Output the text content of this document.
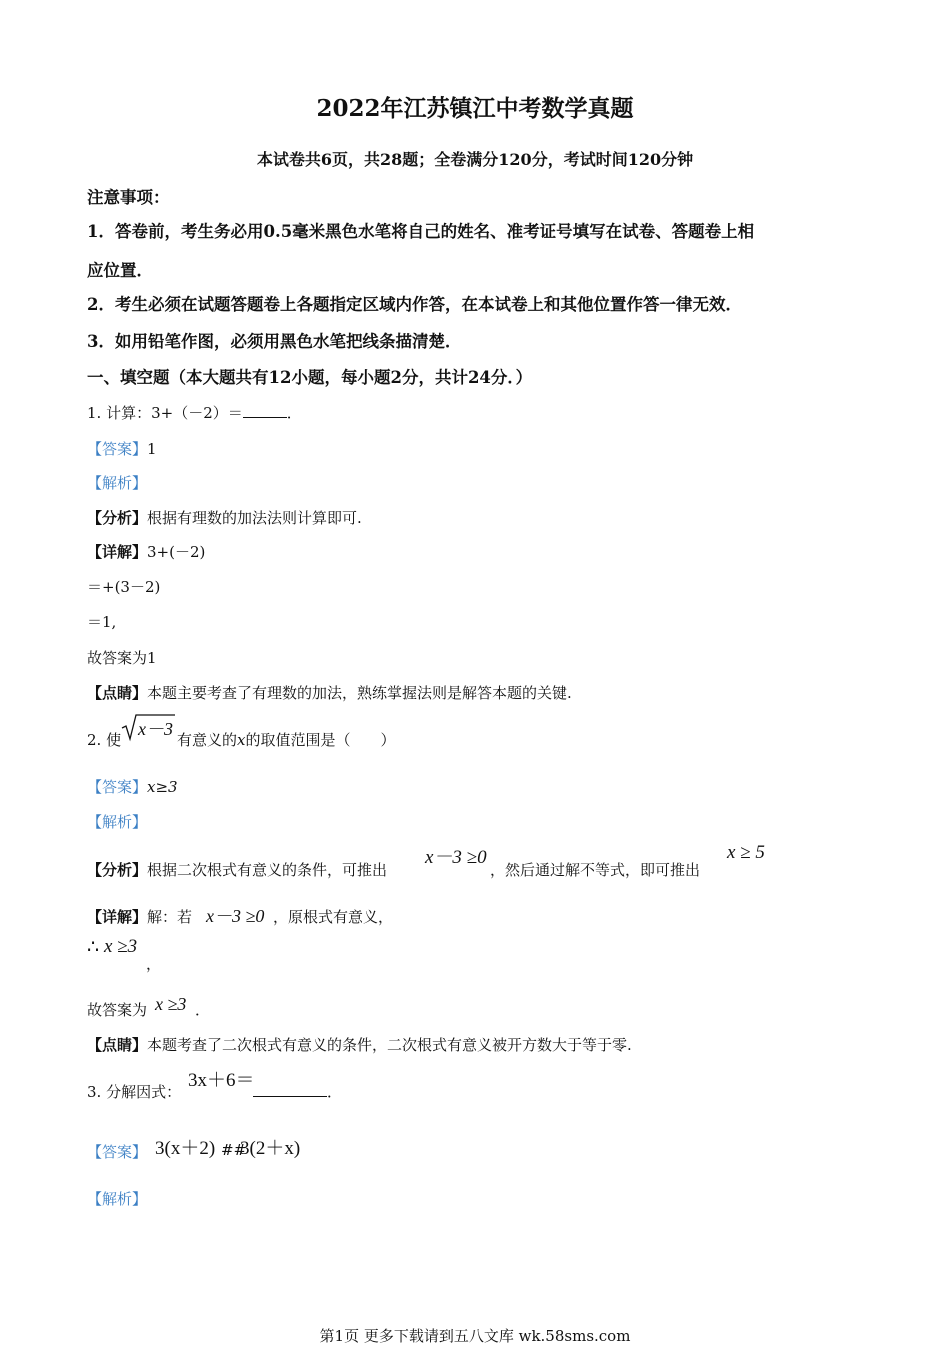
2022年江苏镇江中考数学真题
本试卷共6页，共28题；全卷满分120分，考试时间120分钟
注意事项：
1．答卷前，考生务必用0.5毫米黑色水笔将自己的姓名、准考证号填写在试卷、答题卷上相
应位置．
2．考生必须在试题答题卷上各题指定区域内作答，在本试卷上和其他位置作答一律无效．
3．如用铅笔作图，必须用黑色水笔把线条描清楚．
一、填空题（本大题共有12小题，每小题2分，共计24分．）
1. 计算：3+（－2）＝	．
【答案】1
【解析】
【分析】根据有理数的加法法则计算即可.
【详解】3+(－2)
＝+(3－2)
＝1,
故答案为1
【点睛】本题主要考查了有理数的加法，熟练掌握法则是解答本题的关键.
2. 使
x－3
有意义的x的取值范围是（　　）
【答案】x≥3
【解析】
【分析】根据二次根式有意义的条件，可推出
x－3 ≥0
，然后通过解不等式，即可推出
x ≥ 5
【详解】解：若 x－3 ≥0 ，原根式有意义，
∴ x ≥3
，
故答案为 x ≥3 ．
【点睛】本题考查了二次根式有意义的条件，二次根式有意义被开方数大于等于零.
3. 分解因式：
3x＋6＝
．
【答案】 3(x＋2) ##
3(2＋x)
【解析】
第1页 更多下载请到五八文库 wk.58sms.com
